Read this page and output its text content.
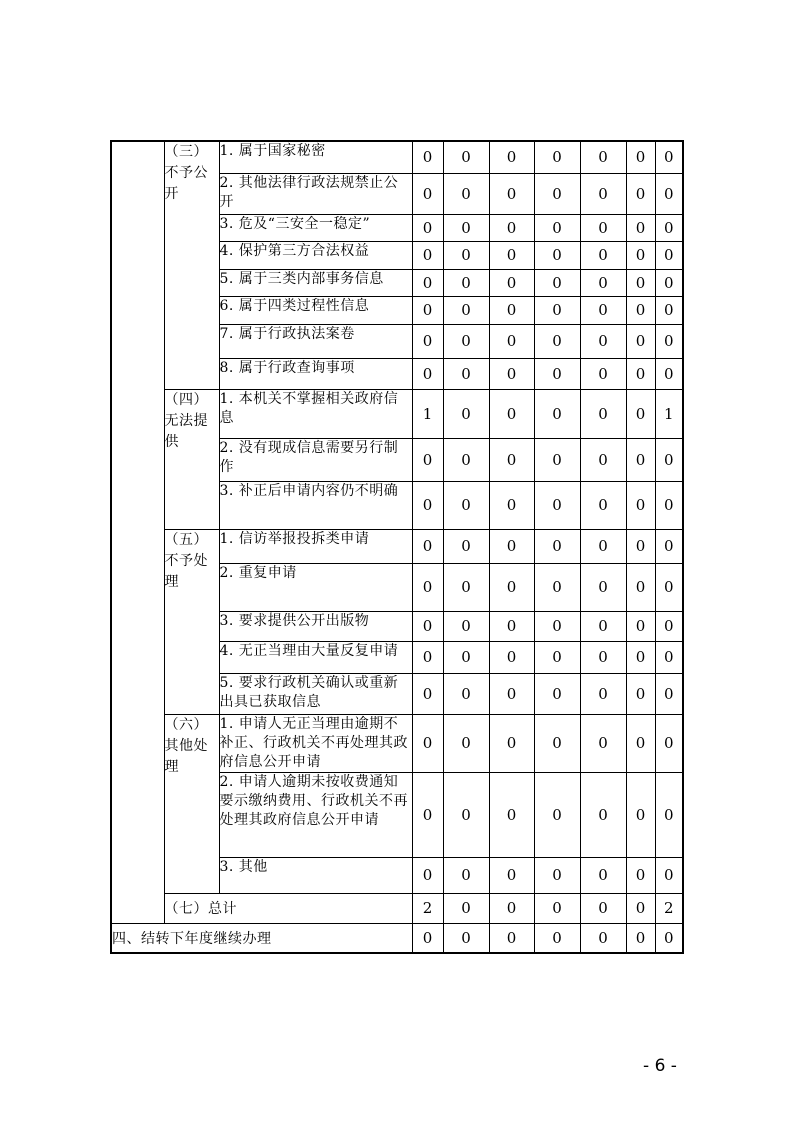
	（三）不予公开	1. 属于国家秘密	0	0	0	0	0	0	0
		2. 其他法律行政法规禁止公开	0	0	0	0	0	0	0
		3. 危及“三安全一稳定”	0	0	0	0	0	0	0
		4. 保护第三方合法权益	0	0	0	0	0	0	0
		5. 属于三类内部事务信息	0	0	0	0	0	0	0
		6. 属于四类过程性信息	0	0	0	0	0	0	0
		7. 属于行政执法案卷	0	0	0	0	0	0	0
		8. 属于行政查询事项	0	0	0	0	0	0	0
	（四）无法提供	1. 本机关不掌握相关政府信息	1	0	0	0	0	0	1
		2. 没有现成信息需要另行制作	0	0	0	0	0	0	0
		3. 补正后申请内容仍不明确	0	0	0	0	0	0	0
	（五）不予处理	1. 信访举报投拆类申请	0	0	0	0	0	0	0
		2. 重复申请	0	0	0	0	0	0	0
		3. 要求提供公开出版物	0	0	0	0	0	0	0
		4. 无正当理由大量反复申请	0	0	0	0	0	0	0
		5. 要求行政机关确认或重新出具已获取信息	0	0	0	0	0	0	0
	（六）其他处理	1. 申请人无正当理由逾期不补正、行政机关不再处理其政府信息公开申请	0	0	0	0	0	0	0
		2. 申请人逾期未按收费通知要示缴纳费用、行政机关不再处理其政府信息公开申请	0	0	0	0	0	0	0
		3. 其他	0	0	0	0	0	0	0
	（七）总计		2	0	0	0	0	0	2
四、结转下年度继续办理			0	0	0	0	0	0	0
- 6 -
